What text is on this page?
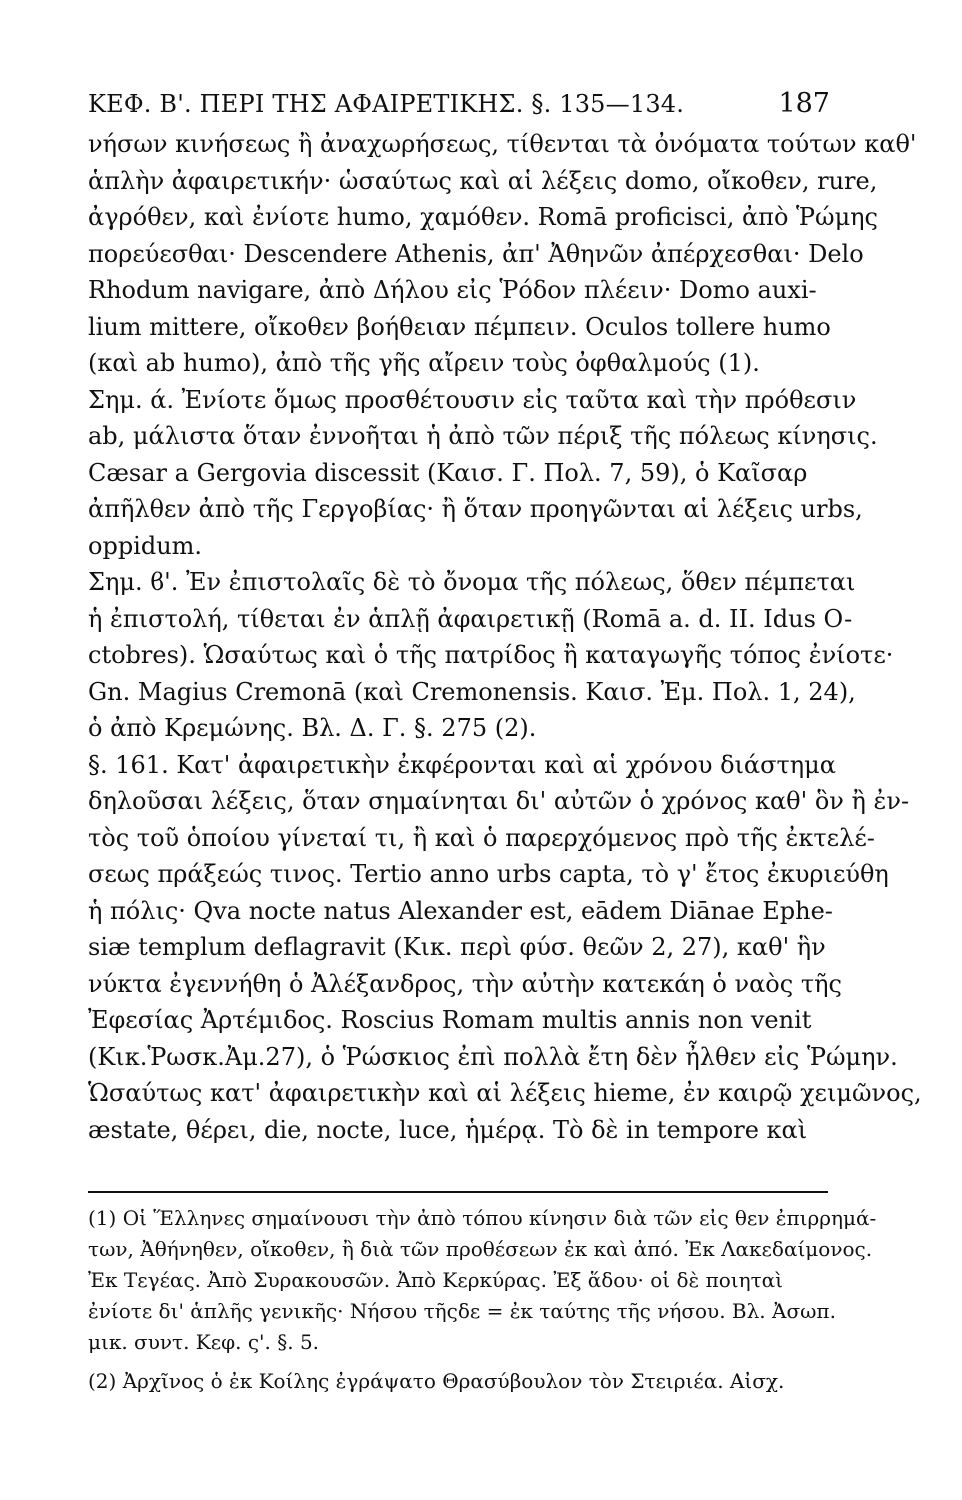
ΚΕΦ. Β'. ΠΕΡΙ ΤΗΣ ΑΦΑΙΡΕΤΙΚΗΣ. §. 135—134.	187
νήσων κινήσεως ἢ ἀναχωρήσεως, τίθενται τὰ ὀνόματα τούτων καθ'
ἁπλὴν ἀφαιρετικήν· ὡσαύτως καὶ αἱ λέξεις domo, οἴκοθεν, rure,
ἀγρόθεν, καὶ ἐνίοτε humo, χαμόθεν. Romā proficisci, ἀπὸ Ῥώμης
πορεύεσθαι· Descendere Athenis, ἀπ' Ἀθηνῶν ἀπέρχεσθαι· Delo
Rhodum navigare, ἀπὸ Δήλου εἰς Ῥόδον πλέειν· Domo auxi-
lium mittere, οἴκοθεν βοήθειαν πέμπειν. Oculos tollere humo
(καὶ ab humo), ἀπὸ τῆς γῆς αἴρειν τοὺς ὀφθαλμούς (1).
Σημ. ά. Ἐνίοτε ὅμως προσθέτουσιν εἰς ταῦτα καὶ τὴν πρόθεσιν
ab, μάλιστα ὅταν ἐννοῆται ἡ ἀπὸ τῶν πέριξ τῆς πόλεως κίνησις.
Cæsar a Gergovia discessit (Καισ. Γ. Πολ. 7, 59), ὁ Καῖσαρ
ἀπῆλθεν ἀπὸ τῆς Γεργοβίας· ἢ ὅταν προηγῶνται αἱ λέξεις urbs,
oppidum.
Σημ. ϐ'. Ἐν ἐπιστολαῖς δὲ τὸ ὄνομα τῆς πόλεως, ὅθεν πέμπεται
ἡ ἐπιστολή, τίθεται ἐν ἁπλῇ ἀφαιρετικῇ (Romā a. d. II. Idus O-
ctobres). Ὡσαύτως καὶ ὁ τῆς πατρίδος ἢ καταγωγῆς τόπος ἐνίοτε·
Gn. Magius Cremonā (καὶ Cremonensis. Καισ. Ἐμ. Πολ. 1, 24),
ὁ ἀπὸ Κρεμώνης. Βλ. Δ. Γ. §. 275 (2).
§. 161. Κατ' ἀφαιρετικὴν ἐκφέρονται καὶ αἱ χρόνου διάστημα
δηλοῦσαι λέξεις, ὅταν σημαίνηται δι' αὐτῶν ὁ χρόνος καθ' ὃν ἢ ἐν-
τὸς τοῦ ὁποίου γίνεταί τι, ἢ καὶ ὁ παρερχόμενος πρὸ τῆς ἐκτελέ-
σεως πράξεώς τινος. Tertio anno urbs capta, τὸ γ' ἔτος ἐκυριεύθη
ἡ πόλις· Qva nocte natus Alexander est, eādem Diānae Ephe-
siæ templum deflagravit (Κικ. περὶ φύσ. θεῶν 2, 27), καθ' ἣν
νύκτα ἐγεννήθη ὁ Ἀλέξανδρος, τὴν αὐτὴν κατεκάη ὁ ναὸς τῆς
Ἐφεσίας Ἀρτέμιδος. Roscius Romam multis annis non venit
(Κικ.Ῥωσκ.Ἀμ.27), ὁ Ῥώσκιος ἐπὶ πολλὰ ἔτη δὲν ἦλθεν εἰς Ῥώμην.
Ὡσαύτως κατ' ἀφαιρετικὴν καὶ αἱ λέξεις hieme, ἐν καιρῷ χειμῶνος,
æstate, θέρει, die, nocte, luce, ἡμέρᾳ. Τὸ δὲ in tempore καὶ
(1) Οἱ Ἕλληνες σημαίνουσι τὴν ἀπὸ τόπου κίνησιν διὰ τῶν εἰς θεν ἐπιρρημά-
των, Ἀθήνηθεν, οἴκοθεν, ἢ διὰ τῶν προθέσεων ἐκ καὶ ἀπό. Ἐκ Λακεδαίμονος.
Ἐκ Τεγέας. Ἀπὸ Συρακουσῶν. Ἀπὸ Κερκύρας. Ἐξ ἅδου· οἱ δὲ ποιηταὶ
ἐνίοτε δι' ἁπλῆς γενικῆς· Νήσου τῆςδε = ἐκ ταύτης τῆς νήσου. Βλ. Ἀσωπ.
μικ. συντ. Κεφ. ς'. §. 5.
(2) Ἀρχῖνος ὁ ἐκ Κοίλης ἐγράψατο Θρασύβουλον τὸν Στειριέα. Αἰσχ.
